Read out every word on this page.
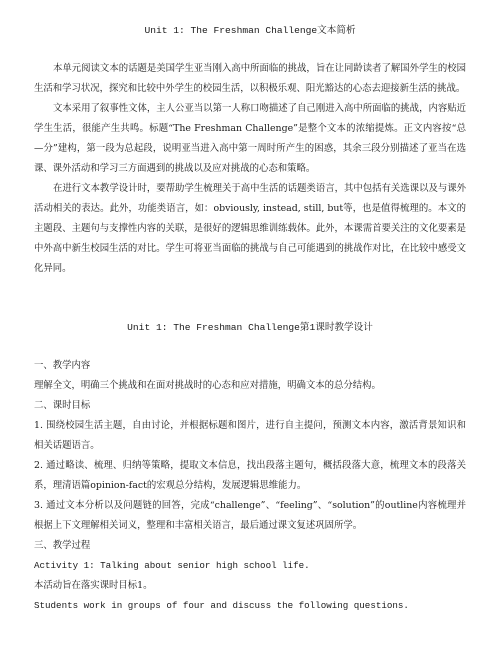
Unit 1: The Freshman Challenge文本简析

本单元阅读文本的话题是美国学生亚当刚入高中所面临的挑战，旨在让同龄读者了解国外学生的校园生活和学习状况，探究和比较中外学生的校园生活，以积极乐观、阳光豁达的心态去迎接新生活的挑战。

文本采用了叙事性文体，主人公亚当以第一人称口吻描述了自己刚进入高中所面临的挑战，内容贴近学生生活，很能产生共鸣。标题“The Freshman Challenge”是整个文本的浓缩提炼。正文内容按“总—分”建构，第一段为总起段，说明亚当进入高中第一周时所产生的困惑，其余三段分别描述了亚当在选课、课外活动和学习三方面遇到的挑战以及应对挑战的心态和策略。

在进行文本教学设计时，要帮助学生梳理关于高中生活的话题类语言，其中包括有关选课以及与课外活动相关的表达。此外，功能类语言，如：obviously, instead, still, but等，也是值得梳理的。本文的主题段、主题句与支撑性内容的关联，是很好的逻辑思维训练载体。此外，本课需首要关注的文化要素是中外高中新生校园生活的对比。学生可将亚当面临的挑战与自己可能遇到的挑战作对比，在比较中感受文化异同。

Unit 1: The Freshman Challenge第1课时教学设计

一、教学内容

理解全文，明确三个挑战和在面对挑战时的心态和应对措施，明确文本的总分结构。

二、课时目标

1. 围绕校园生活主题，自由讨论，并根据标题和图片，进行自主提问，预测文本内容，激活背景知识和相关话题语言。

2. 通过略读、梳理、归纳等策略，提取文本信息，找出段落主题句，概括段落大意，梳理文本的段落关系，理清语篇opinion-fact的宏观总分结构，发展逻辑思维能力。

3. 通过文本分析以及问题链的回答，完成“challenge”、“feeling”、“solution”的outline内容梳理并根据上下文理解相关词义，整理和丰富相关语言，最后通过课文复述巩固所学。

三、教学过程

Activity 1: Talking about senior high school life.

本活动旨在落实课时目标1。

Students work in groups of four and discuss the following questions.
